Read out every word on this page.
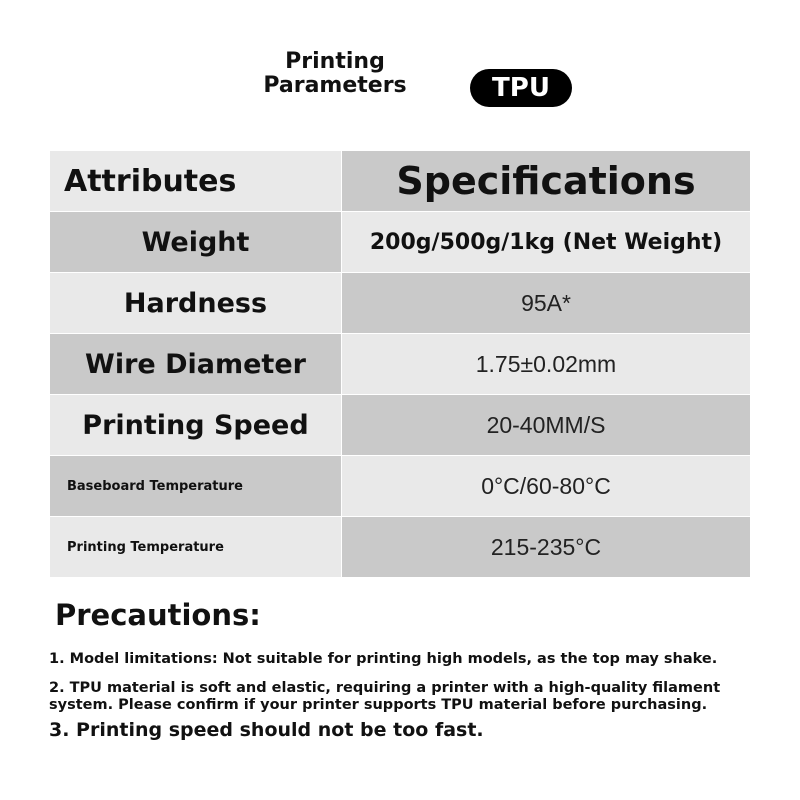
Printing
Parameters	TPU
Attributes	Specifications
Weight	200g/500g/1kg (Net Weight)
Hardness	95A*
Wire Diameter	1.75±0.02mm
Printing Speed	20-40MM/S
Baseboard Temperature	0°C/60-80°C
Printing Temperature	215-235°C
Precautions:
1. Model limitations: Not suitable for printing high models, as the top may shake.
2. TPU material is soft and elastic, requiring a printer with a high-quality filament system. Please confirm if your printer supports TPU material before purchasing.
3. Printing speed should not be too fast.
